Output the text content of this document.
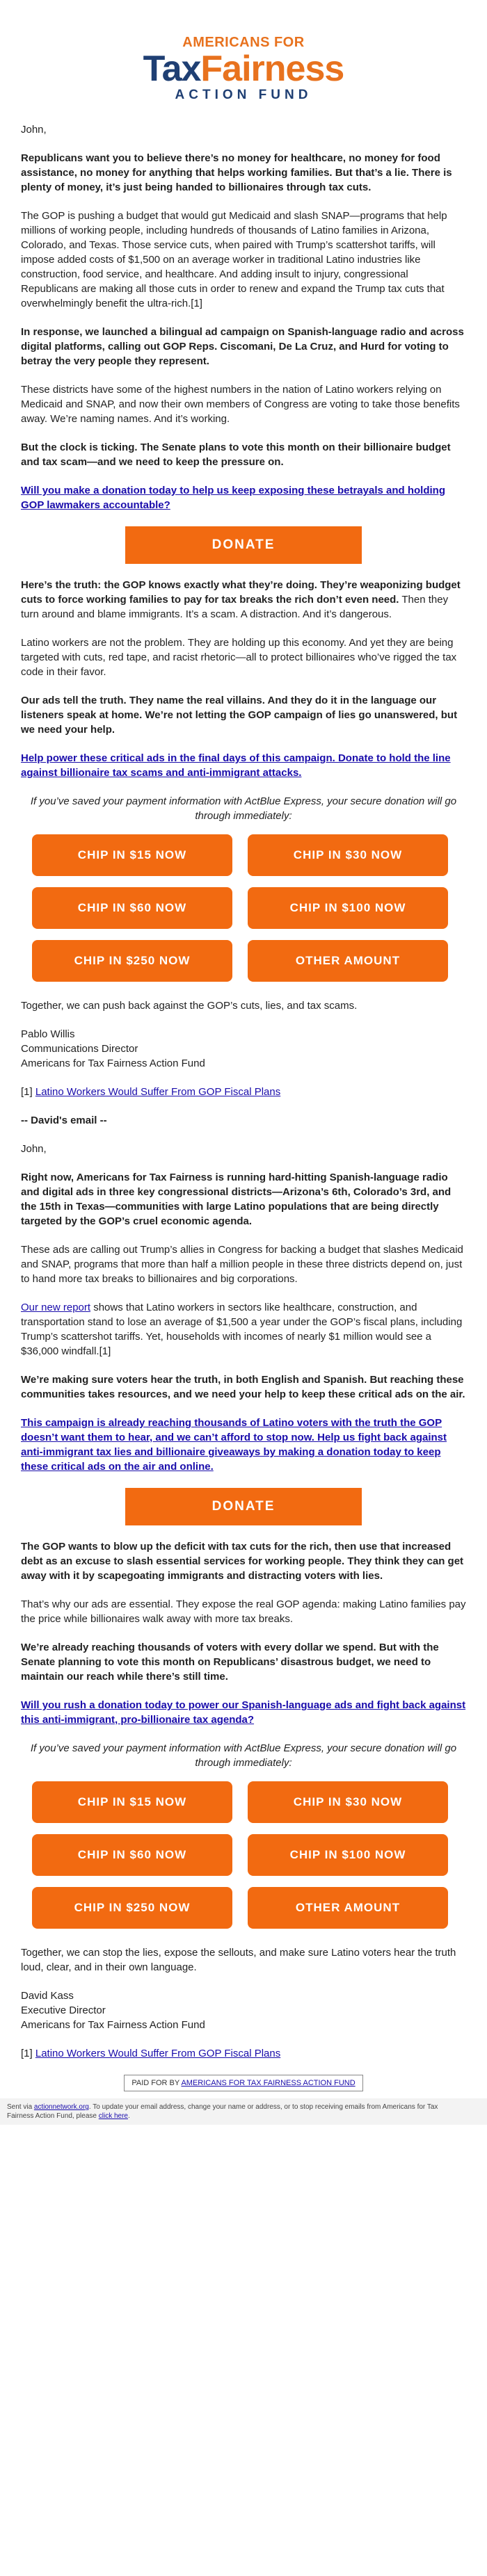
AMERICANS FOR
TaxFairness
ACTION FUND

John,

Republicans want you to believe there’s no money for healthcare, no money for food assistance, no money for anything that helps working families. But that’s a lie. There is plenty of money, it’s just being handed to billionaires through tax cuts.

The GOP is pushing a budget that would gut Medicaid and slash SNAP—programs that help millions of working people, including hundreds of thousands of Latino families in Arizona, Colorado, and Texas. Those service cuts, when paired with Trump’s scattershot tariffs, will impose added costs of $1,500 on an average worker in traditional Latino industries like construction, food service, and healthcare. And adding insult to injury, congressional Republicans are making all those cuts in order to renew and expand the Trump tax cuts that overwhelmingly benefit the ultra-rich.[1]

In response, we launched a bilingual ad campaign on Spanish-language radio and across digital platforms, calling out GOP Reps. Ciscomani, De La Cruz, and Hurd for voting to betray the very people they represent.

These districts have some of the highest numbers in the nation of Latino workers relying on Medicaid and SNAP, and now their own members of Congress are voting to take those benefits away. We’re naming names. And it’s working.

But the clock is ticking. The Senate plans to vote this month on their billionaire budget and tax scam—and we need to keep the pressure on.

Will you make a donation today to help us keep exposing these betrayals and holding GOP lawmakers accountable?

DONATE

Here’s the truth: the GOP knows exactly what they’re doing. They’re weaponizing budget cuts to force working families to pay for tax breaks the rich don’t even need. Then they turn around and blame immigrants. It’s a scam. A distraction. And it’s dangerous.

Latino workers are not the problem. They are holding up this economy. And yet they are being targeted with cuts, red tape, and racist rhetoric—all to protect billionaires who’ve rigged the tax code in their favor.

Our ads tell the truth. They name the real villains. And they do it in the language our listeners speak at home. We’re not letting the GOP campaign of lies go unanswered, but we need your help.

Help power these critical ads in the final days of this campaign. Donate to hold the line against billionaire tax scams and anti-immigrant attacks.

If you’ve saved your payment information with ActBlue Express, your secure donation will go through immediately:

CHIP IN $15 NOW	CHIP IN $30 NOW
CHIP IN $60 NOW	CHIP IN $100 NOW
CHIP IN $250 NOW	OTHER AMOUNT

Together, we can push back against the GOP’s cuts, lies, and tax scams.

Pablo Willis

Communications Director

Americans for Tax Fairness Action Fund

[1] Latino Workers Would Suffer From GOP Fiscal Plans

-- David's email --

John,

Right now, Americans for Tax Fairness is running hard-hitting Spanish-language radio and digital ads in three key congressional districts—Arizona’s 6th, Colorado’s 3rd, and the 15th in Texas—communities with large Latino populations that are being directly targeted by the GOP’s cruel economic agenda.

These ads are calling out Trump’s allies in Congress for backing a budget that slashes Medicaid and SNAP, programs that more than half a million people in these three districts depend on, just to hand more tax breaks to billionaires and big corporations.

Our new report shows that Latino workers in sectors like healthcare, construction, and transportation stand to lose an average of $1,500 a year under the GOP’s fiscal plans, including Trump’s scattershot tariffs. Yet, households with incomes of nearly $1 million would see a $36,000 windfall.[1]

We’re making sure voters hear the truth, in both English and Spanish. But reaching these communities takes resources, and we need your help to keep these critical ads on the air.

This campaign is already reaching thousands of Latino voters with the truth the GOP doesn’t want them to hear, and we can’t afford to stop now. Help us fight back against anti-immigrant tax lies and billionaire giveaways by making a donation today to keep these critical ads on the air and online.

DONATE

The GOP wants to blow up the deficit with tax cuts for the rich, then use that increased debt as an excuse to slash essential services for working people. They think they can get away with it by scapegoating immigrants and distracting voters with lies.

That’s why our ads are essential. They expose the real GOP agenda: making Latino families pay the price while billionaires walk away with more tax breaks.

We’re already reaching thousands of voters with every dollar we spend. But with the Senate planning to vote this month on Republicans’ disastrous budget, we need to maintain our reach while there’s still time.

Will you rush a donation today to power our Spanish-language ads and fight back against this anti-immigrant, pro-billionaire tax agenda?

If you’ve saved your payment information with ActBlue Express, your secure donation will go through immediately:

CHIP IN $15 NOW	CHIP IN $30 NOW
CHIP IN $60 NOW	CHIP IN $100 NOW
CHIP IN $250 NOW	OTHER AMOUNT

Together, we can stop the lies, expose the sellouts, and make sure Latino voters hear the truth loud, clear, and in their own language.

David Kass

Executive Director

Americans for Tax Fairness Action Fund

[1] Latino Workers Would Suffer From GOP Fiscal Plans

PAID FOR BY AMERICANS FOR TAX FAIRNESS ACTION FUND
Sent via actionnetwork.org. To update your email address, change your name or address, or to stop receiving emails from Americans for Tax Fairness Action Fund, please click here.
